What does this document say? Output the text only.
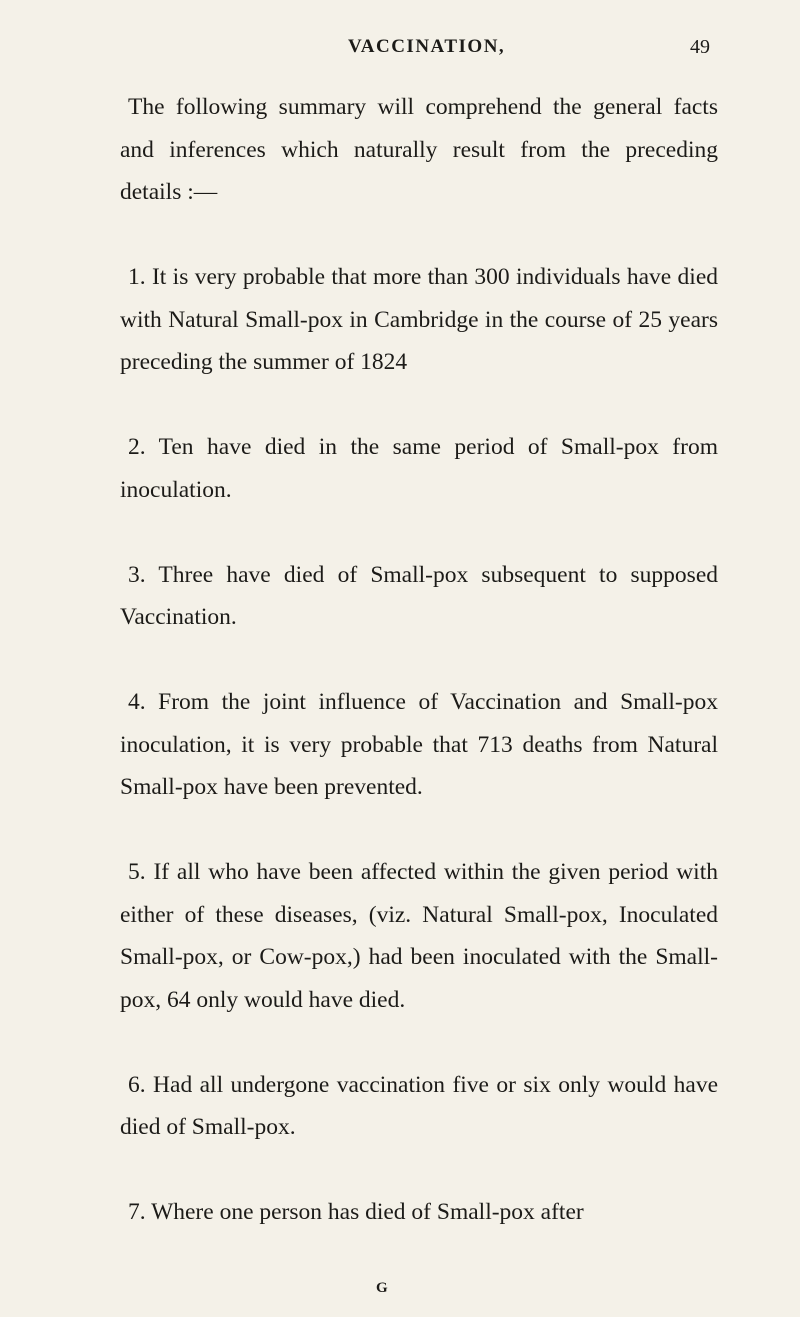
VACCINATION,	49

The following summary will comprehend the general facts and inferences which naturally result from the preceding details :—

1. It is very probable that more than 300 individuals have died with Natural Small-pox in Cambridge in the course of 25 years preceding the summer of 1824

2. Ten have died in the same period of Small-pox from inoculation.

3. Three have died of Small-pox subsequent to supposed Vaccination.

4. From the joint influence of Vaccination and Small-pox inoculation, it is very probable that 713 deaths from Natural Small-pox have been prevented.

5. If all who have been affected within the given period with either of these diseases, (viz. Natural Small-pox, Inoculated Small-pox, or Cow-pox,) had been inoculated with the Small-pox, 64 only would have died.

6. Had all undergone vaccination five or six only would have died of Small-pox.

7. Where one person has died of Small-pox after

G
